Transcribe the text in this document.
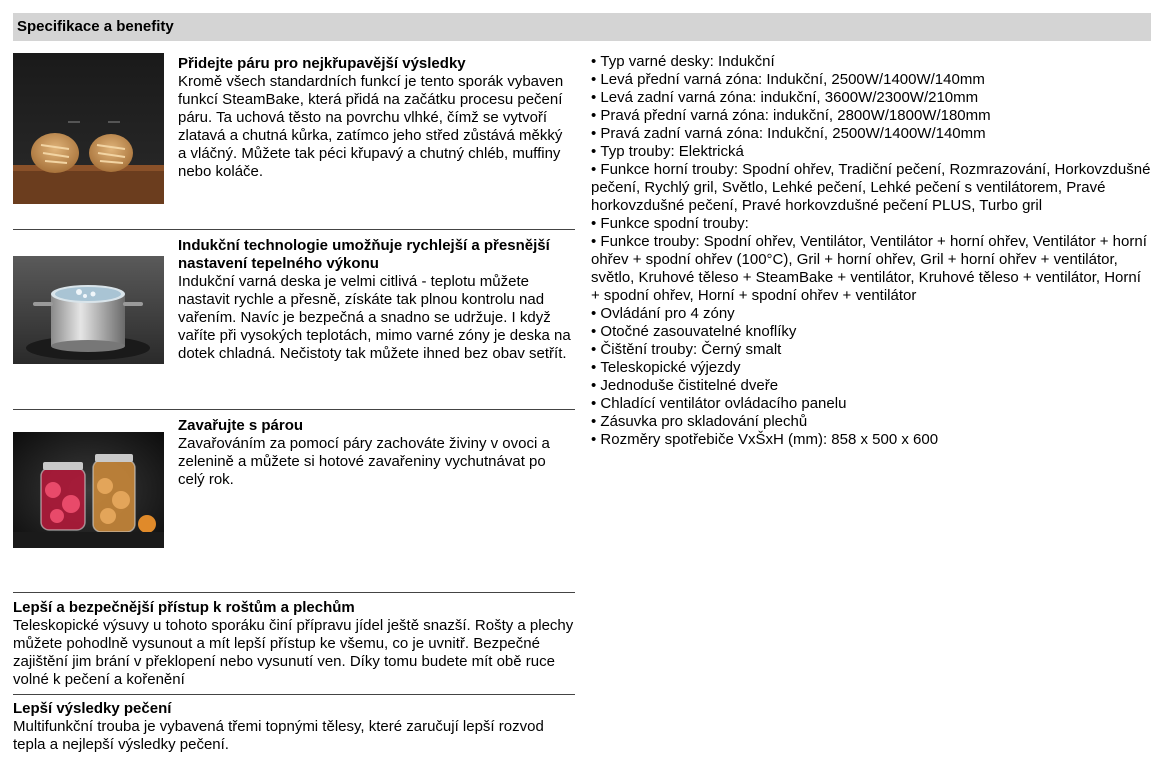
Specifikace a benefity
Přidejte páru pro nejkřupavější výsledky

Kromě všech standardních funkcí je tento sporák vybaven funkcí SteamBake, která přidá na začátku procesu pečení páru. Ta uchová těsto na povrchu vlhké, čímž se vytvoří zlatavá a chutná kůrka, zatímco jeho střed zůstává měkký a vláčný. Můžete tak péci křupavý a chutný chléb, muffiny nebo koláče.

Indukční technologie umožňuje rychlejší a přesnější nastavení tepelného výkonu

Indukční varná deska je velmi citlivá - teplotu můžete nastavit rychle a přesně, získáte tak plnou kontrolu nad vařením. Navíc je bezpečná a snadno se udržuje. I když vaříte při vysokých teplotách, mimo varné zóny je deska na dotek chladná. Nečistoty tak můžete ihned bez obav setřít.

Zavařujte s párou

Zavařováním za pomocí páry zachováte živiny v ovoci a zelenině a můžete si hotové zavařeniny vychutnávat po celý rok.

Lepší a bezpečnější přístup k roštům a plechům

Teleskopické výsuvy u tohoto sporáku činí přípravu jídel ještě snazší. Rošty a plechy můžete pohodlně vysunout a mít lepší přístup ke všemu, co je uvnitř. Bezpečné zajištění jim brání v překlopení nebo vysunutí ven. Díky tomu budete mít obě ruce volné k pečení a kořenění

Lepší výsledky pečení

Multifunkční trouba je vybavená třemi topnými tělesy, které zaručují lepší rozvod tepla a nejlepší výsledky pečení.

• Typ varné desky: Indukční
• Levá přední varná zóna: Indukční, 2500W/1400W/140mm
• Levá zadní varná zóna: indukční, 3600W/2300W/210mm
• Pravá přední varná zóna: indukční, 2800W/1800W/180mm
• Pravá zadní varná zóna: Indukční, 2500W/1400W/140mm
• Typ trouby: Elektrická
• Funkce horní trouby: Spodní ohřev, Tradiční pečení, Rozmrazování, Horkovzdušné pečení, Rychlý gril, Světlo, Lehké pečení, Lehké pečení s ventilátorem, Pravé horkovzdušné pečení, Pravé horkovzdušné pečení PLUS, Turbo gril
• Funkce spodní trouby:
• Funkce trouby: Spodní ohřev, Ventilátor, Ventilátor + horní ohřev, Ventilátor + horní ohřev + spodní ohřev (100°C), Gril + horní ohřev, Gril + horní ohřev + ventilátor, světlo, Kruhové těleso + SteamBake + ventilátor, Kruhové těleso + ventilátor, Horní + spodní ohřev, Horní + spodní ohřev + ventilátor
• Ovládání pro 4 zóny
• Otočné zasouvatelné knoflíky
• Čištění trouby: Černý smalt
• Teleskopické výjezdy
• Jednoduše čistitelné dveře
• Chladící ventilátor ovládacího panelu
• Zásuvka pro skladování plechů
• Rozměry spotřebiče VxŠxH (mm): 858 x 500 x 600
